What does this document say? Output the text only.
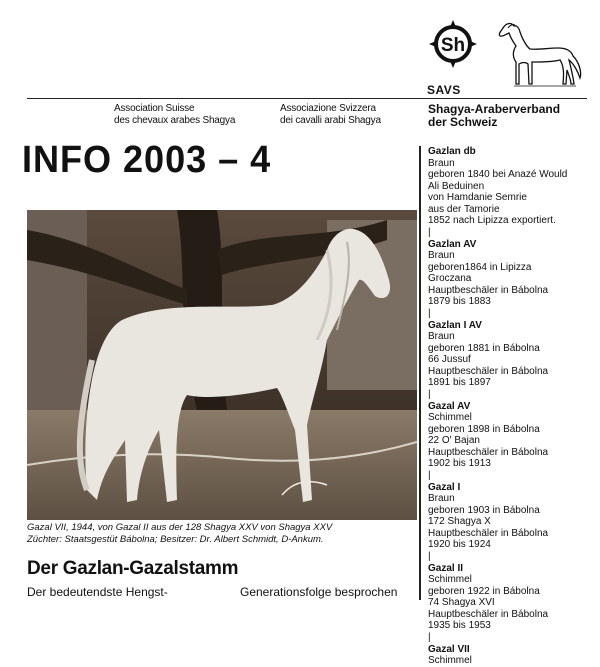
Sh
SAVS
Association Suisse
des chevaux arabes Shagya
Associazione Svizzera
dei cavalli arabi Shagya
Shagya-Araberverband
der Schweiz
INFO 2003 – 4
Gazal VII, 1944, von Gazal II aus der 128 Shagya XXV von Shagya XXV
Züchter: Staatsgestüt Bábolna; Besitzer: Dr. Albert Schmidt, D-Ankum.
Der Gazlan-Gazalstamm
Der bedeutendste Hengst-	Generationsfolge besprochen
Gazlan db
Braun
geboren 1840 bei Anazé Would
Ali Beduinen
von Hamdanie Semrie
aus der Tamorie
1852 nach Lipizza exportiert.
|
Gazlan AV
Braun
geboren1864 in Lipizza
Groczana
Hauptbeschäler in Bábolna
1879 bis 1883
|
Gazlan I AV
Braun
geboren 1881 in Bábolna
66 Jussuf
Hauptbeschäler in Bábolna
1891 bis 1897
|
Gazal AV
Schimmel
geboren 1898 in Bábolna
22 O' Bajan
Hauptbeschäler in Bábolna
1902 bis 1913
|
Gazal I
Braun
geboren 1903 in Bábolna
172 Shagya X
Hauptbeschäler in Bábolna
1920 bis 1924
|
Gazal II
Schimmel
geboren 1922 in Bábolna
74 Shagya XVI
Hauptbeschäler in Bábolna
1935 bis 1953
|
Gazal VII
Schimmel
